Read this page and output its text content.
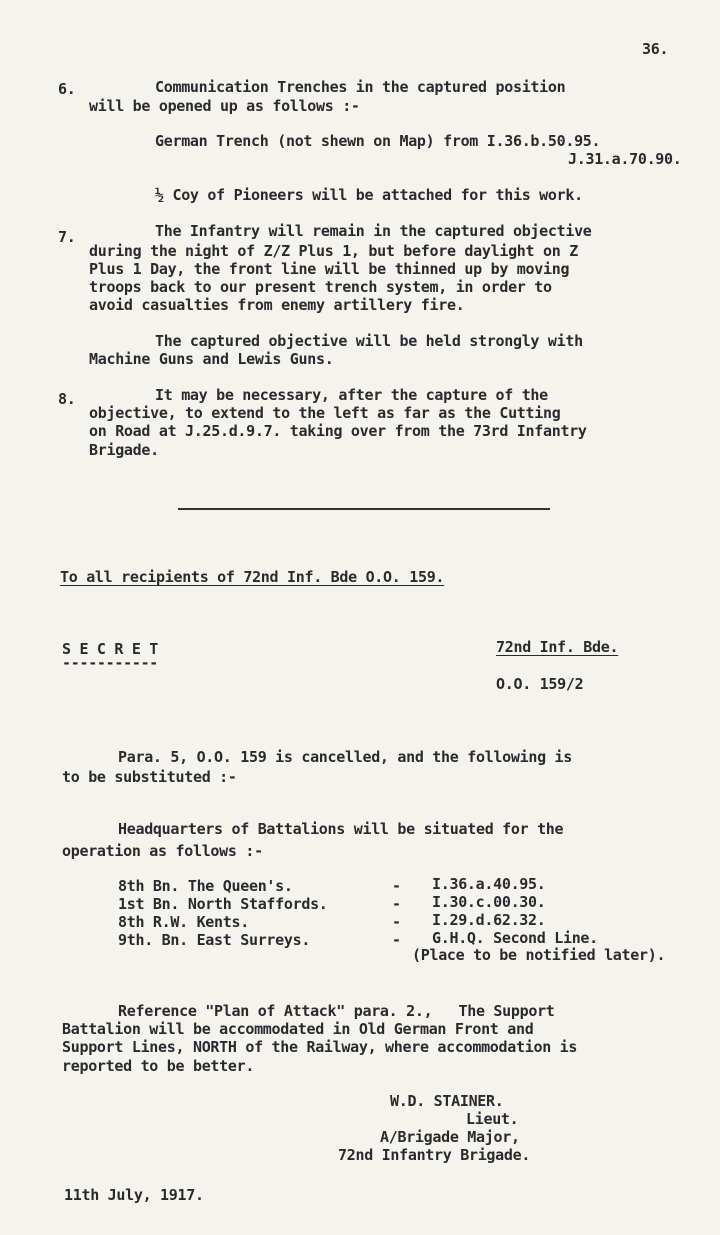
36.
6.	Communication Trenches in the captured position
will be opened up as follows :-
German Trench (not shewn on Map) from I.36.b.50.95.
J.31.a.70.90.
½ Coy of Pioneers will be attached for this work.
7.	The Infantry will remain in the captured objective
during the night of Z/Z Plus 1, but before daylight on Z
Plus 1 Day, the front line will be thinned up by moving
troops back to our present trench system, in order to
avoid casualties from enemy artillery fire.
The captured objective will be held strongly with
Machine Guns and Lewis Guns.
8.	It may be necessary, after the capture of the
objective, to extend to the left as far as the Cutting
on Road at J.25.d.9.7. taking over from the 73rd Infantry
Brigade.
To all recipients of 72nd Inf. Bde O.O. 159.
S E C R E T
-----------
72nd Inf. Bde.
O.O. 159/2
Para. 5, O.O. 159 is cancelled, and the following is
to be substituted :-
Headquarters of Battalions will be situated for the
operation as follows :-
8th Bn. The Queen's.	- I.36.a.40.95.
1st Bn. North Staffords.	- I.30.c.00.30.
8th R.W. Kents.	- I.29.d.62.32.
9th. Bn. East Surreys.	- G.H.Q. Second Line.
(Place to be notified later).
Reference "Plan of Attack" para. 2.,   The Support
Battalion will be accommodated in Old German Front and
Support Lines, NORTH of the Railway, where accommodation is
reported to be better.
W.D. STAINER.
Lieut.
A/Brigade Major,
72nd Infantry Brigade.
11th July, 1917.
